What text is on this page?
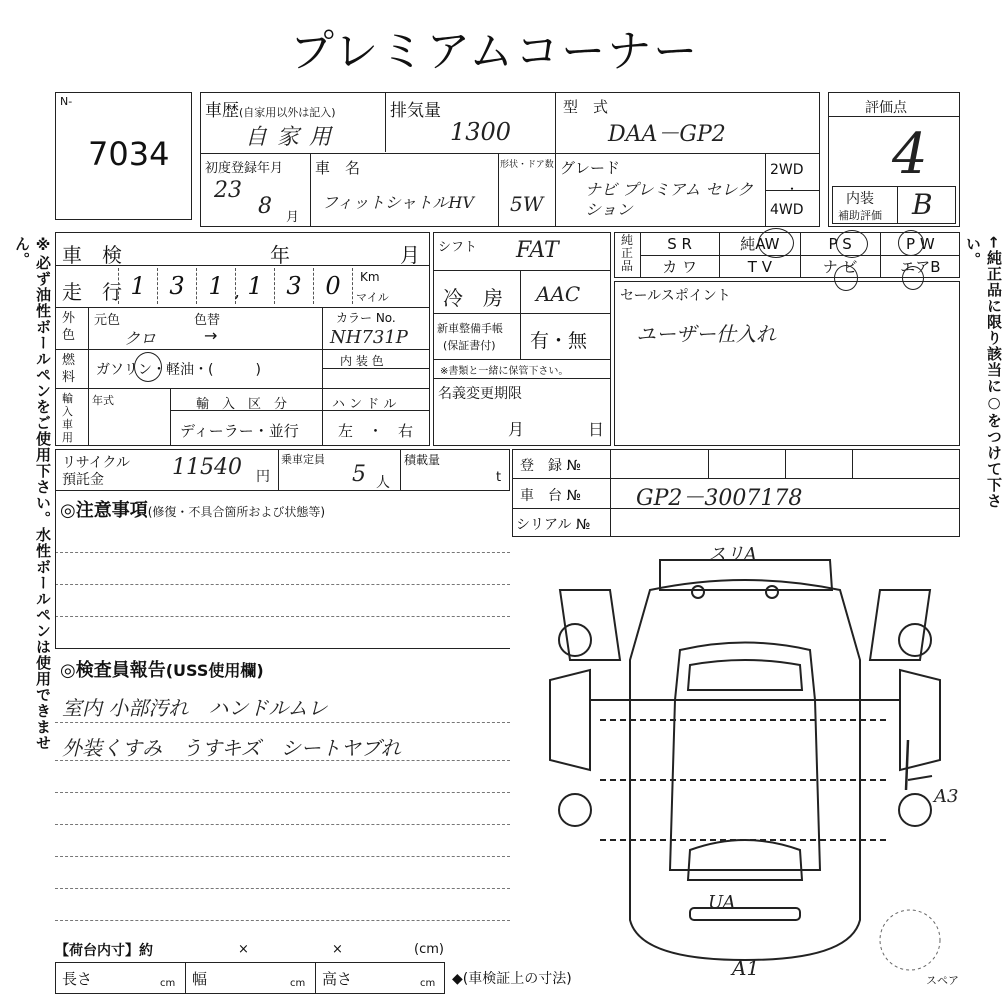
プレミアムコーナー
※必ず油性ボールペンをご使用下さい。水性ボールペンは使用できません。	←純正品に限り該当に○をつけて下さい。
N-
7034
車歴(自家用以外は記入)
自家用
排気量
1300
型　式
DAA－GP2
初度登録年月
23
8 月
車　名
フィットシャトルHV
形状・ドア数
5W
グレード
ナビ プレミアム セレクション
2WD
・
4WD
評価点
4
内装
補助評価 B
車　検	年	月
走　行 1 3 1 , 1 3 0	Km
マイル
外色
元色	色替
クロ	→
カラー No.
NH731P
燃料	ガソリン・軽油・(　　　)
内 装 色
輸入車用
年式	輸　入　区　分
ディーラー・並行
ハ ン ド ル
左　・　右
シフト FAT
冷　房 AAC
新車整備手帳
(保証書付) 有・無
※書類と一緒に保管下さい。
名義変更期限
月	日
純正品
S R	純AW	P S	P W
カ ワ	T V	ナ ビ	エアB
セールスポイント
ユーザー仕入れ
リサイクル
預託金	11540 円
乗車定員
5 人
積載量
t
登　録 №
車　台 № GP2－3007178
シリアル №
◎注意事項(修復・不具合箇所および状態等)
◎検査員報告(USS使用欄)
室内 小部汚れ　ハンドルムレ
外装くすみ　うすキズ　シートヤブれ
スリA
A3
UA
A1
スペア
【荷台内寸】約	×	×	(cm)
長さ	cm 幅	cm 高さ	cm ◆(車検証上の寸法)
